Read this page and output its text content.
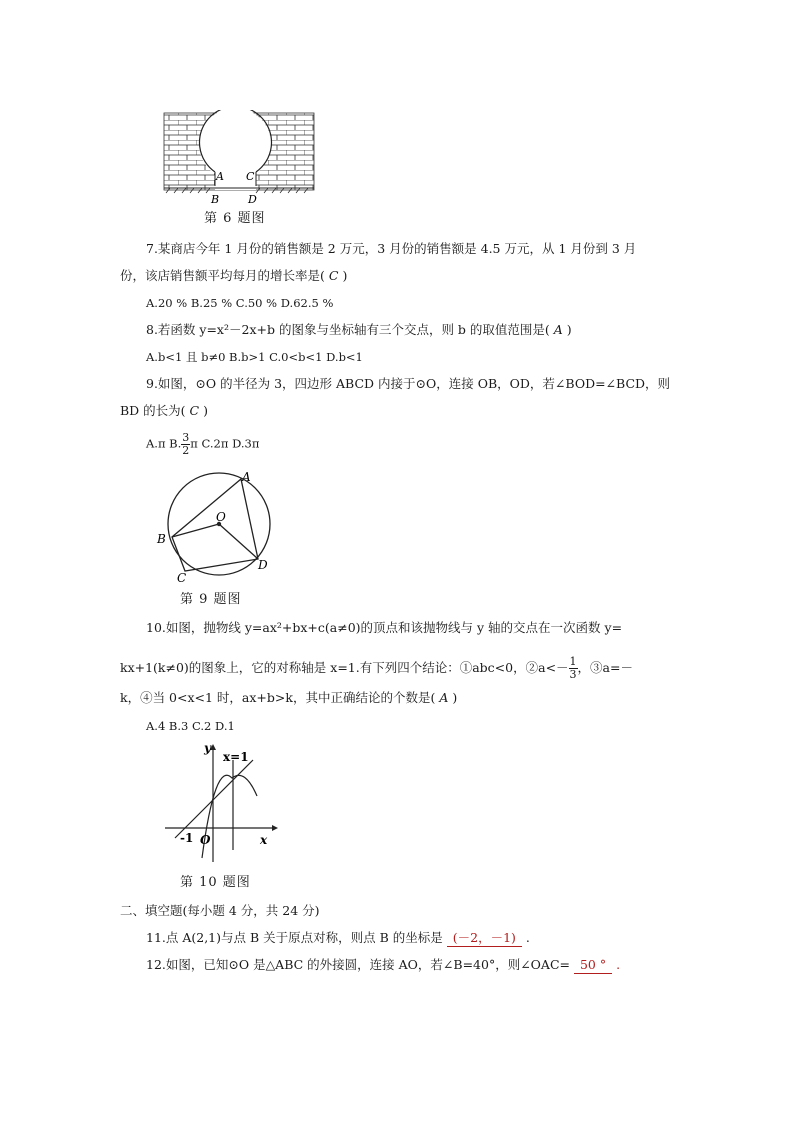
A
B
C
D
第 6 题图
7.某商店今年 1 月份的销售额是 2 万元，3 月份的销售额是 4.5 万元，从 1 月份到 3 月
份，该店销售额平均每月的增长率是( C )
A.20 % B.25 % C.50 % D.62.5 %
8.若函数 y=x²－2x+b 的图象与坐标轴有三个交点，则 b 的取值范围是( A )
A.b<1 且 b≠0 B.b>1 C.0<b<1 D.b<1
9.如图，⊙O 的半径为 3，四边形 ABCD 内接于⊙O，连接 OB，OD，若∠BOD=∠BCD，则
BD 的长为( C )
A.π B. $\frac{3}{2}$ π C.2π D.3π
A
B
C
D
O
第 9 题图
10.如图，抛物线 y=ax²+bx+c(a≠0)的顶点和该抛物线与 y 轴的交点在一次函数 y=
kx+1(k≠0)的图象上，它的对称轴是 x=1.有下列四个结论：①abc<0，②a<－ $\frac{1}{3}$ ，③a=－
k，④当 0<x<1 时，ax+b>k，其中正确结论的个数是( A )
A.4 B.3 C.2 D.1
y
x
x=1
-1 O
第 10 题图
二、填空题(每小题 4 分，共 24 分)
11.点 A(2,1)与点 B 关于原点对称，则点 B 的坐标是 (－2，－1) .
12.如图，已知⊙O 是△ABC 的外接圆，连接 AO，若∠B=40°，则∠OAC= 50 ° .
